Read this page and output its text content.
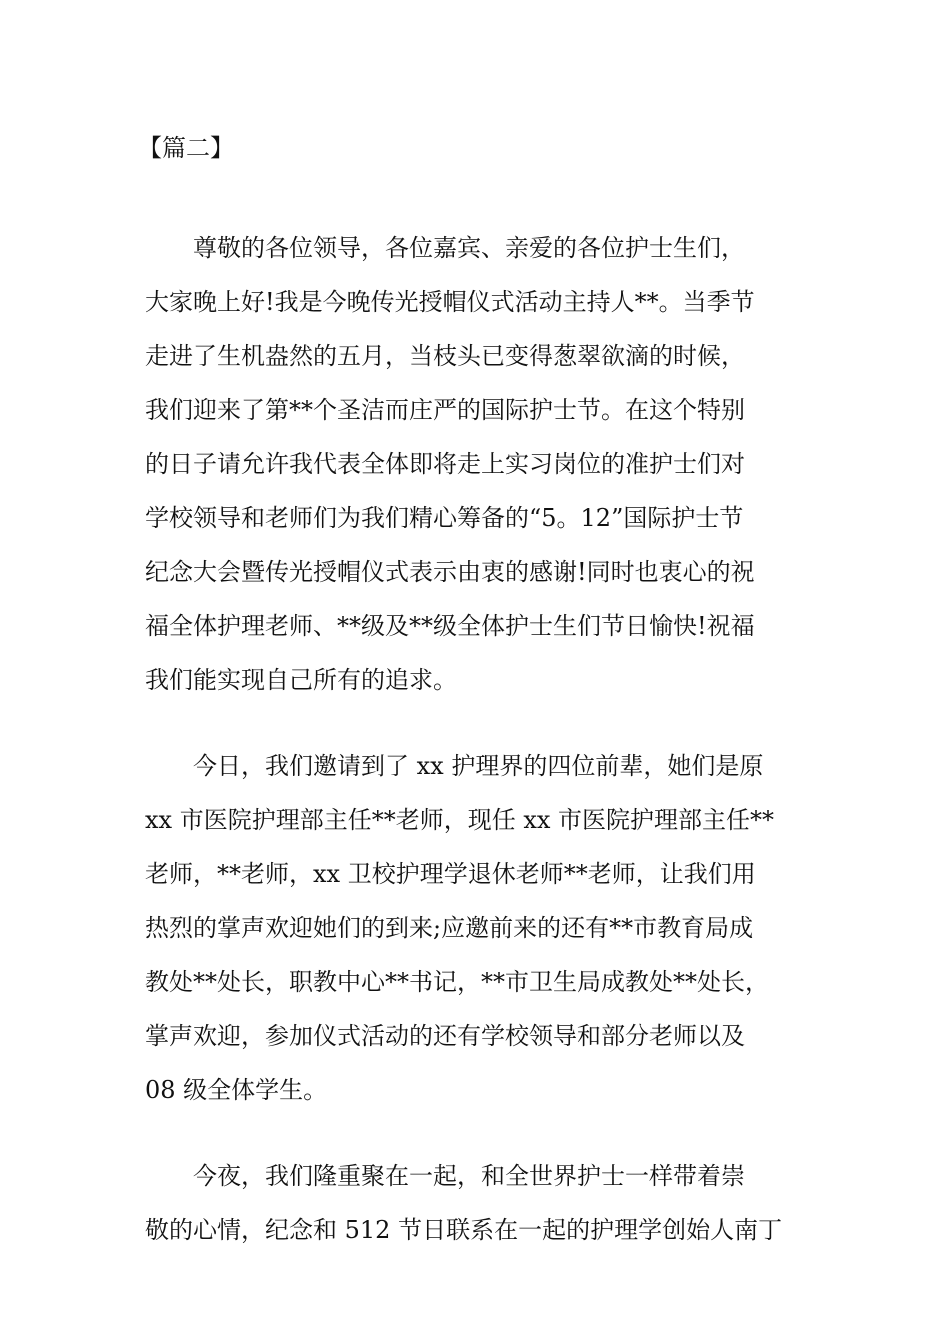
【篇二】
　　尊敬的各位领导，各位嘉宾、亲爱的各位护士生们，
大家晚上好!我是今晚传光授帽仪式活动主持人**。当季节
走进了生机盎然的五月，当枝头已变得葱翠欲滴的时候，
我们迎来了第**个圣洁而庄严的国际护士节。在这个特别
的日子请允许我代表全体即将走上实习岗位的准护士们对
学校领导和老师们为我们精心筹备的“5。12”国际护士节
纪念大会暨传光授帽仪式表示由衷的感谢!同时也衷心的祝
福全体护理老师、**级及**级全体护士生们节日愉快!祝福
我们能实现自己所有的追求。
　　今日，我们邀请到了 xx 护理界的四位前辈，她们是原
xx 市医院护理部主任**老师，现任 xx 市医院护理部主任**
老师，**老师，xx 卫校护理学退休老师**老师，让我们用
热烈的掌声欢迎她们的到来;应邀前来的还有**市教育局成
教处**处长，职教中心**书记，**市卫生局成教处**处长，
掌声欢迎，参加仪式活动的还有学校领导和部分老师以及
08 级全体学生。
　　今夜，我们隆重聚在一起，和全世界护士一样带着崇
敬的心情，纪念和 512 节日联系在一起的护理学创始人南丁
